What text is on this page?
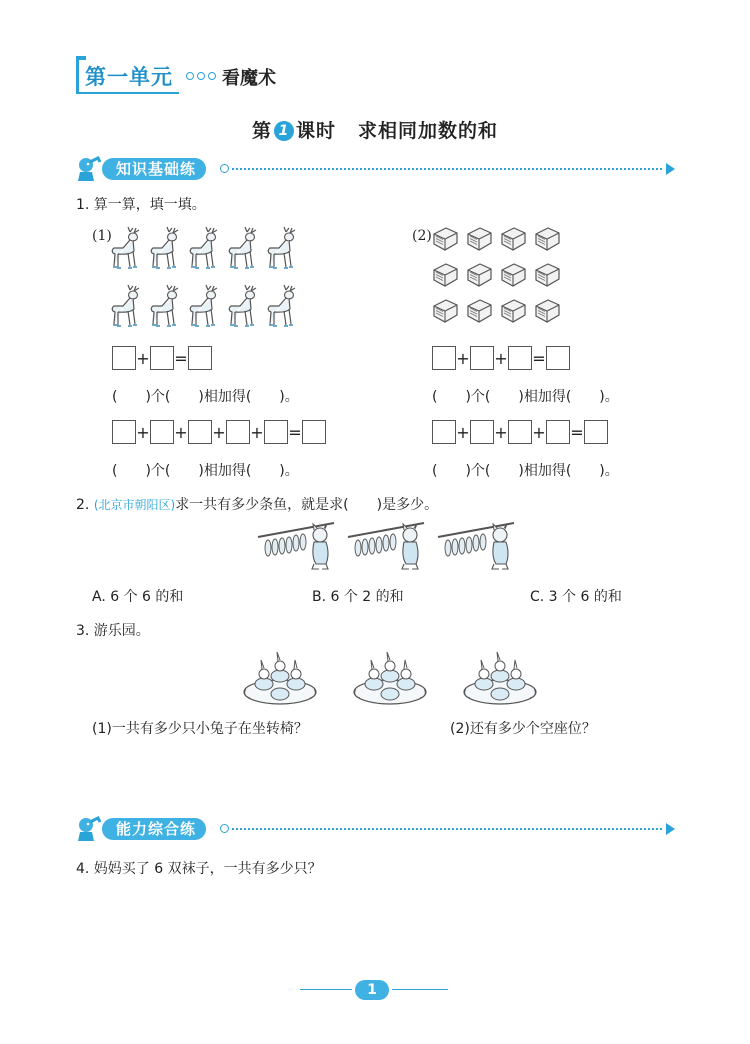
第一单元	看魔术
第 1 课时 求相同加数的和
知识基础练
1. 算一算，填一填。
(1)	(2)
+ =
(　　)个(　　)相加得(　　)。
+ + =
(　　)个(　　)相加得(　　)。
+ + + + =
(　　)个(　　)相加得(　　)。
+ + + =
(　　)个(　　)相加得(　　)。
2. (北京市朝阳区)求一共有多少条鱼，就是求(　　)是多少。
A. 6 个 6 的和	B. 6 个 2 的和	C. 3 个 6 的和
3. 游乐园。
(1)一共有多少只小兔子在坐转椅？	(2)还有多少个空座位？
能力综合练
4. 妈妈买了 6 双袜子，一共有多少只？
1
